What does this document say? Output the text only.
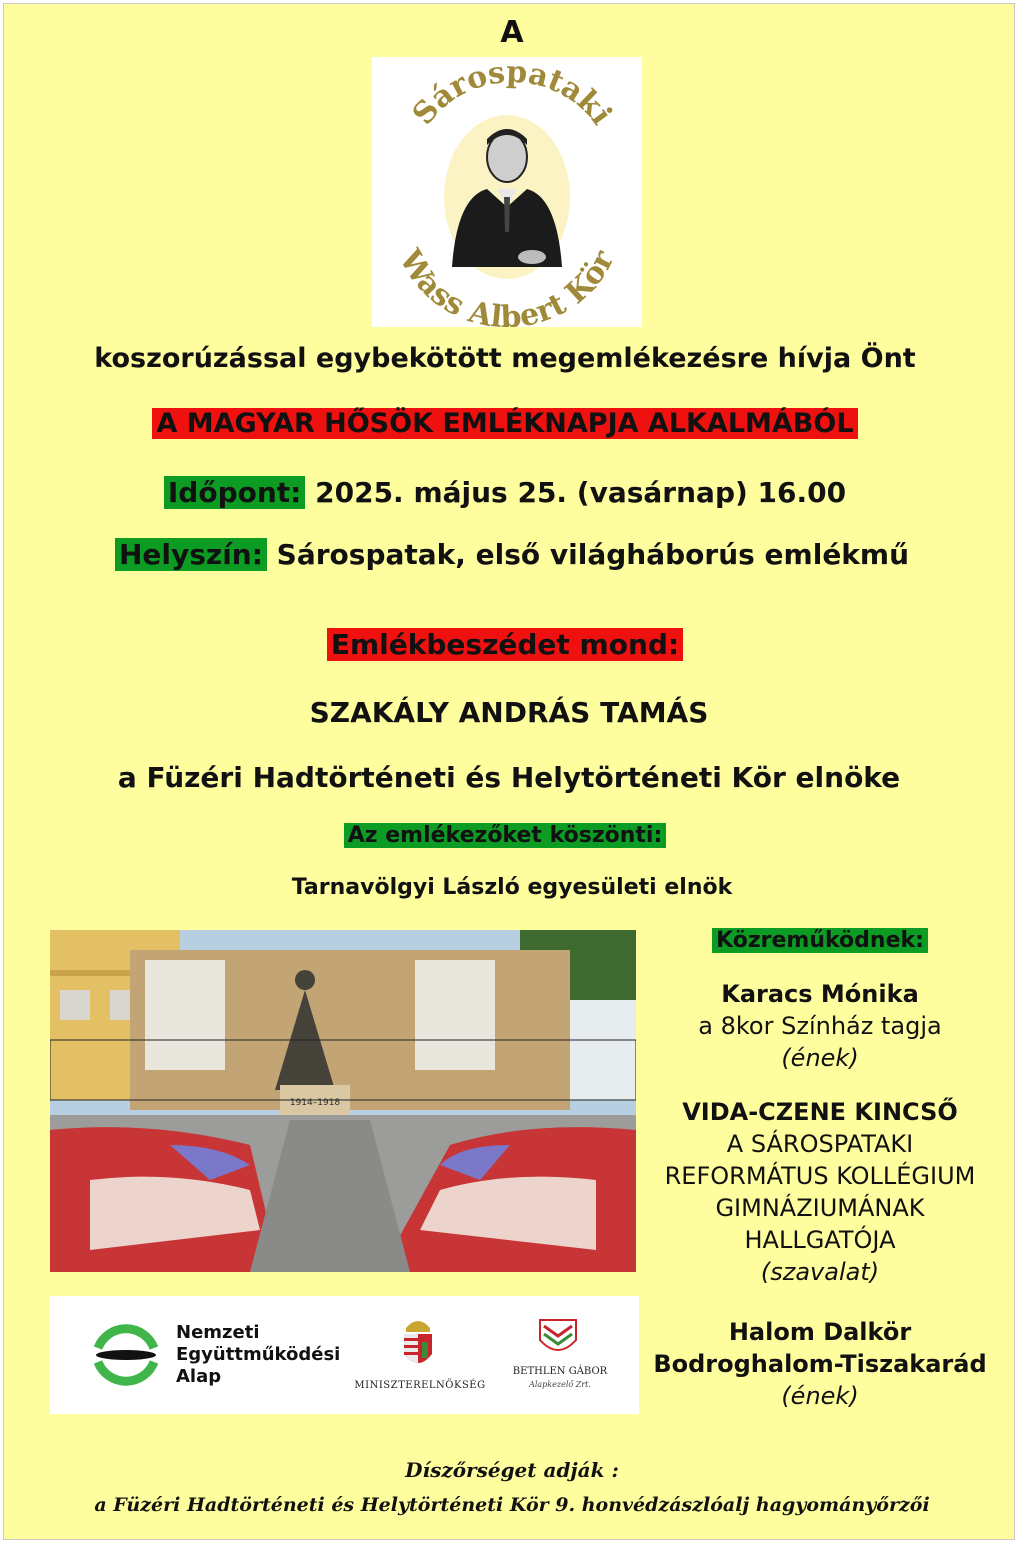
A
Sárospataki
Wass Albert Kör
koszorúzással egybekötött megemlékezésre hívja Önt
A MAGYAR HŐSÖK EMLÉKNAPJA ALKALMÁBÓL
Időpont: 2025. május 25. (vasárnap) 16.00
Helyszín: Sárospatak, első világháborús emlékmű
Emlékbeszédet mond:
SZAKÁLY ANDRÁS TAMÁS
a Füzéri Hadtörténeti és Helytörténeti Kör elnöke
Az emlékezőket köszönti:
Tarnavölgyi László egyesületi elnök
1914–1918
Nemzeti
Együttműködési
Alap	MINISZTERELNÖKSÉG
BETHLEN GÁBOR
Alapkezelő Zrt.
Közreműködnek:
Karacs Mónika
a 8kor Színház tagja
(ének)
VIDA-CZENE KINCSŐ
A SÁROSPATAKI
REFORMÁTUS KOLLÉGIUM
GIMNÁZIUMÁNAK
HALLGATÓJA
(szavalat)
Halom Dalkör
Bodroghalom-Tiszakarád
(ének)
Díszőrséget adják :
a Füzéri Hadtörténeti és Helytörténeti Kör 9. honvédzászlóalj hagyományőrzői
